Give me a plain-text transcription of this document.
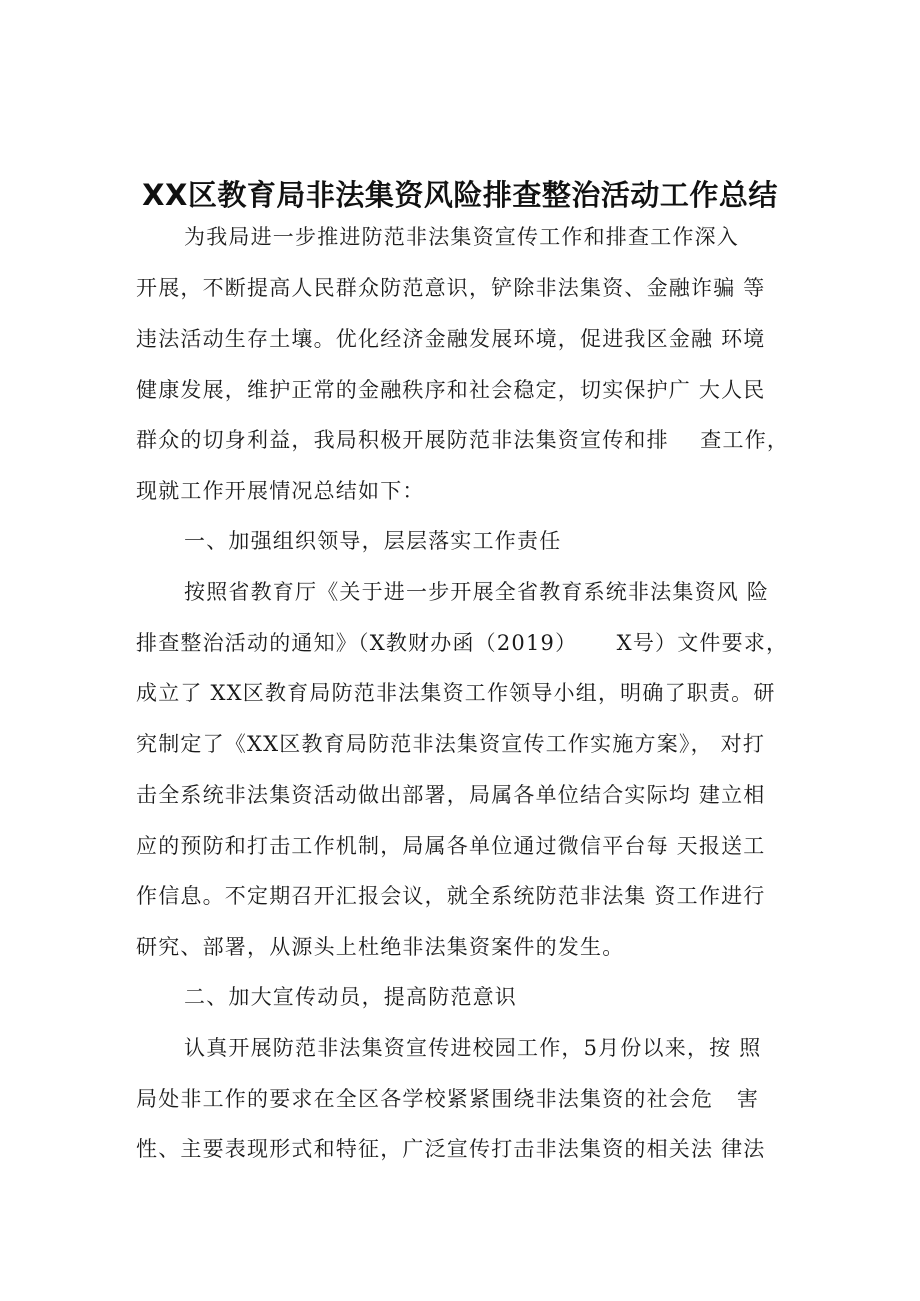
XX区教育局非法集资风险排查整治活动工作总结
为我局进一步推进防范非法集资宣传工作和排查工作深入
开展，不断提高人民群众防范意识，铲除非法集资、金融诈骗 等
违法活动生存土壤。优化经济金融发展环境，促进我区金融 环境
健康发展，维护正常的金融秩序和社会稳定，切实保护广 大人民
群众的切身利益，我局积极开展防范非法集资宣传和排    查工作，
现就工作开展情况总结如下：
一、加强组织领导，层层落实工作责任
按照省教育厅《关于进一步开展全省教育系统非法集资风 险
排查整治活动的通知》（X教财办函（2019）     X号）文件要求，
成立了 XX区教育局防范非法集资工作领导小组，明确了职责。研
究制定了《XX区教育局防范非法集资宣传工作实施方案》， 对打
击全系统非法集资活动做出部署，局属各单位结合实际均 建立相
应的预防和打击工作机制，局属各单位通过微信平台每 天报送工
作信息。不定期召开汇报会议，就全系统防范非法集 资工作进行
研究、部署，从源头上杜绝非法集资案件的发生。
二、加大宣传动员，提高防范意识
认真开展防范非法集资宣传进校园工作，5月份以来，按 照
局处非工作的要求在全区各学校紧紧围绕非法集资的社会危   害
性、主要表现形式和特征，广泛宣传打击非法集资的相关法 律法
